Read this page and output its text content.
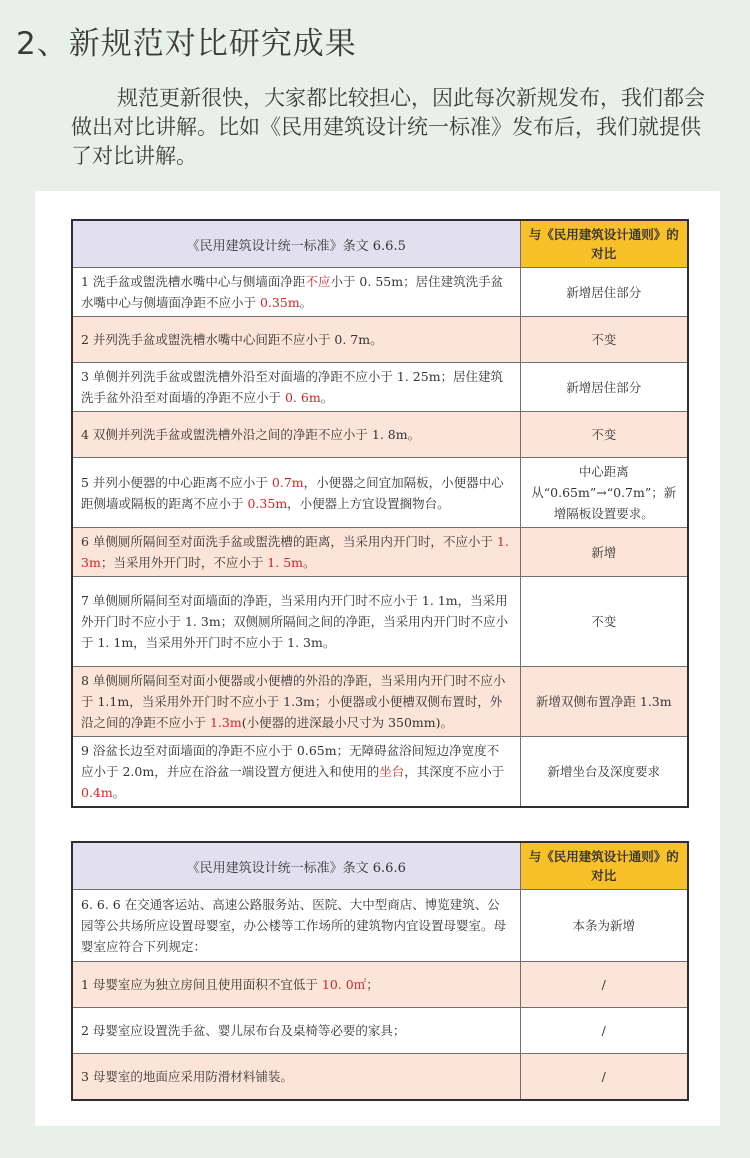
2、新规范对比研究成果
规范更新很快，大家都比较担心，因此每次新规发布，我们都会做出对比讲解。比如《民用建筑设计统一标准》发布后，我们就提供了对比讲解。
《民用建筑设计统一标准》条文 6.6.5	与《民用建筑设计通则》的对比
1 洗手盆或盥洗槽水嘴中心与侧墙面净距不应小于 0. 55m；居住建筑洗手盆水嘴中心与侧墙面净距不应小于 0.35m。	新增居住部分
2 并列洗手盆或盥洗槽水嘴中心间距不应小于 0. 7m。	不变
3 单侧并列洗手盆或盥洗槽外沿至对面墙的净距不应小于 1. 25m；居住建筑洗手盆外沿至对面墙的净距不应小于 0. 6m。	新增居住部分
4 双侧并列洗手盆或盥洗槽外沿之间的净距不应小于 1. 8m。	不变
5 并列小便器的中心距离不应小于 0.7m，小便器之间宜加隔板，小便器中心距侧墙或隔板的距离不应小于 0.35m，小便器上方宜设置搁物台。	中心距离从“0.65m”→“0.7m”；新增隔板设置要求。
6 单侧厕所隔间至对面洗手盆或盥洗槽的距离，当采用内开门时，不应小于 1. 3m；当采用外开门时，不应小于 1. 5m。	新增
7 单侧厕所隔间至对面墙面的净距，当采用内开门时不应小于 1. 1m，当采用外开门时不应小于 1. 3m；双侧厕所隔间之间的净距，当采用内开门时不应小于 1. 1m，当采用外开门时不应小于 1. 3m。	不变
8 单侧厕所隔间至对面小便器或小便槽的外沿的净距，当采用内开门时不应小于 1.1m，当采用外开门时不应小于 1.3m；小便器或小便槽双侧布置时，外沿之间的净距不应小于 1.3m(小便器的进深最小尺寸为 350mm)。	新增双侧布置净距 1.3m
9 浴盆长边至对面墙面的净距不应小于 0.65m；无障碍盆浴间短边净宽度不应小于 2.0m，并应在浴盆一端设置方便进入和使用的坐台，其深度不应小于 0.4m。	新增坐台及深度要求
《民用建筑设计统一标准》条文 6.6.6	与《民用建筑设计通则》的对比
6. 6. 6 在交通客运站、高速公路服务站、医院、大中型商店、博览建筑、公园等公共场所应设置母婴室，办公楼等工作场所的建筑物内宜设置母婴室。母婴室应符合下列规定：	本条为新增
1 母婴室应为独立房间且使用面积不宜低于 10. 0㎡；	/
2 母婴室应设置洗手盆、婴儿尿布台及桌椅等必要的家具；	/
3 母婴室的地面应采用防滑材料铺装。	/
